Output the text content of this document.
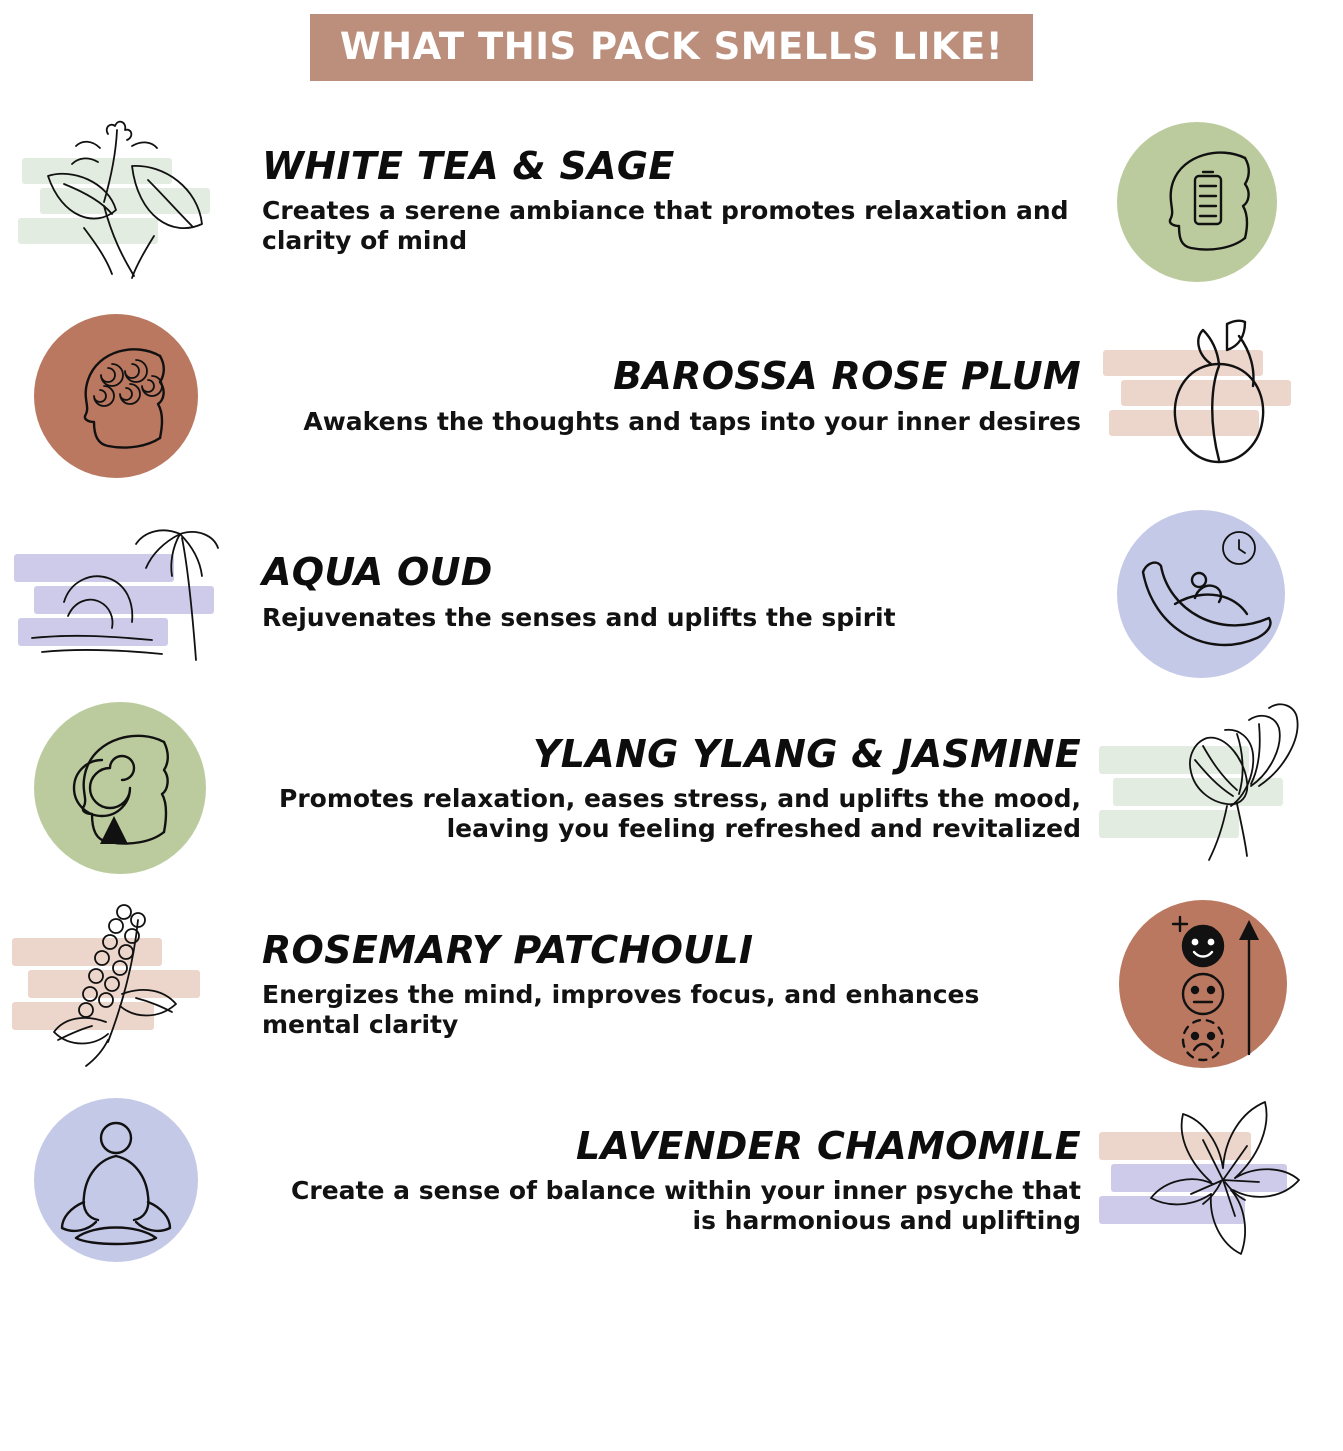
WHAT THIS PACK SMELLS LIKE!
WHITE TEA & SAGE
Creates a serene ambiance that promotes relaxation and clarity of mind
BAROSSA ROSE PLUM
Awakens the thoughts and taps into your inner desires
AQUA OUD
Rejuvenates the senses and uplifts the spirit
YLANG YLANG & JASMINE
Promotes relaxation, eases stress, and uplifts the mood, leaving you feeling refreshed and revitalized
ROSEMARY PATCHOULI
Energizes the mind, improves focus, and enhances mental clarity
LAVENDER CHAMOMILE
Create a sense of balance within your inner psyche that is harmonious and uplifting
